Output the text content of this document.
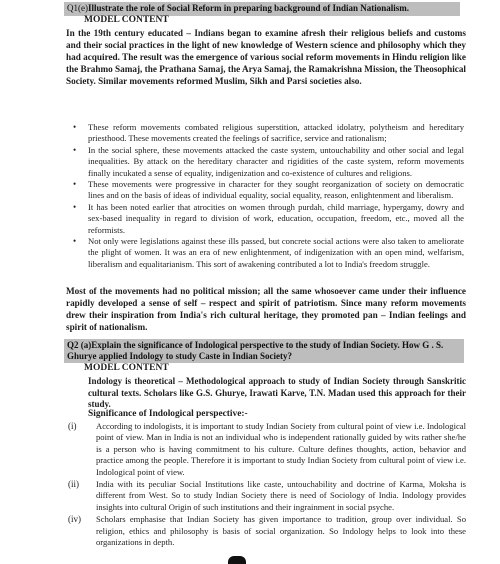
Q1(e)Illustrate the role of Social Reform in preparing background of Indian Nationalism.
MODEL CONTENT

In the 19th century educated – Indians began to examine afresh their religious beliefs and customs and their social practices in the light of new knowledge of Western science and philosophy which they had acquired. The result was the emergence of various social reform movements in Hindu religion like the Brahmo Samaj, the Prathana Samaj, the Arya Samaj, the Ramakrishna Mission, the Theosophical Society. Similar movements reformed Muslim, Sikh and Parsi societies also.

• These reform movements combated religious superstition, attacked idolatry, polytheism and hereditary priesthood. These movements created the feelings of sacrifice, service and rationalism;
• In the social sphere, these movements attacked the caste system, untouchability and other social and legal inequalities. By attack on the hereditary character and rigidities of the caste system, reform movements finally incukated a sense of equality, indigenization and co-existence of cultures and religions.
• These movements were progressive in character for they sought reorganization of society on democratic lines and on the basis of ideas of individual equality, social equality, reason, enlightenment and liberalism.
• It has been noted earlier that atrocities on women through purdah, child marriage, hypergamy, dowry and sex-based inequality in regard to division of work, education, occupation, freedom, etc., moved all the reformists.
• Not only were legislations against these ills passed, but concrete social actions were also taken to ameliorate the plight of women. It was an era of new enlightenment, of indigenization with an open mind, welfarism, liberalism and equalitarianism. This sort of awakening contributed a lot to India's freedom struggle.

Most of the movements had no political mission; all the same whosoever came under their influence rapidly developed a sense of self – respect and spirit of patriotism. Since many reform movements drew their inspiration from India's rich cultural heritage, they promoted pan – Indian feelings and spirit of nationalism.

Q2 (a)Explain the significance of Indological perspective to the study of Indian Society. How G . S. Ghurye applied Indology to study Caste in Indian Society?
MODEL CONTENT

Indology is theoretical – Methodological approach to study of Indian Society through Sanskritic cultural texts. Scholars like G.S. Ghurye, Irawati Karve, T.N. Madan used this approach for their study.

Significance of Indological perspective:-
(i) According to indologists, it is important to study Indian Society from cultural point of view i.e. Indological point of view. Man in India is not an individual who is independent rationally guided by wits rather she/he is a person who is having commitment to his culture. Culture defines thoughts, action, behavior and practice among the people. Therefore it is important to study Indian Society from cultural point of view i.e. Indological point of view.
(ii) India with its peculiar Social Institutions like caste, untouchability and doctrine of Karma, Moksha is different from West. So to study Indian Society there is need of Sociology of India. Indology provides insights into cultural Origin of such institutions and their ingrainment in social psyche.
(iv) Scholars emphasise that Indian Society has given importance to tradition, group over individual. So religion, ethics and philosophy is basis of social organization. So Indology helps to look into these organizations in depth.
